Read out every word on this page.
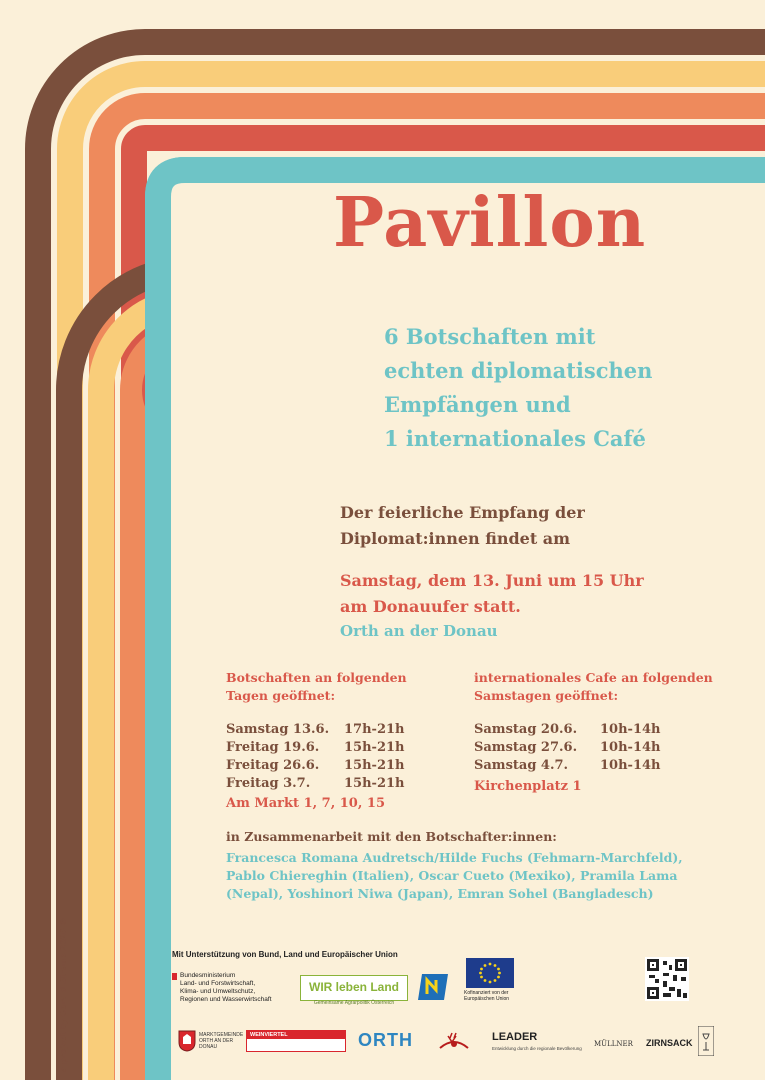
Pavillon

6 Botschaften mit
echten diplomatischen
Empfängen und
1 internationales Café
Der feierliche Empfang der
Diplomat:innen findet am
Samstag, dem 13. Juni um 15 Uhr
am Donauufer statt.
Orth an der Donau
Botschaften an folgenden
Tagen geöffnet:
Samstag 13.6. 17h-21h
Freitag 19.6. 15h-21h
Freitag 26.6. 15h-21h
Freitag 3.7.	15h-21h
Am Markt 1, 7, 10, 15
internationales Cafe an folgenden
Samstagen geöffnet:
Samstag 20.6. 10h-14h
Samstag 27.6. 10h-14h
Samstag 4.7. 10h-14h
Kirchenplatz 1
in Zusammenarbeit mit den Botschafter:innen:
Francesca Romana Audretsch/Hilde Fuchs (Fehmarn-Marchfeld),
Pablo Chiereghin (Italien), Oscar Cueto (Mexiko), Pramila Lama
(Nepal), Yoshinori Niwa (Japan), Emran Sohel (Bangladesch)
a project by Gerald Straub 2026 ®	Mit Unterstützung von Bund, Land und Europäischer Union
Bundesministerium
Land- und Forstwirtschaft,
Klima- und Umweltschutz,
Regionen und Wasserwirtschaft
WIR leben Land
Gemeinsame Agrarpolitik Österreich
Kofinanziert von der
Europäischen Union
MARKTGEMEINDE ORTH AN DER DONAU
WEINVIERTEL	ORTH	LEADER
Entwicklung durch die regionale Bevölkerung
MÜLLNER ZIRNSACK
